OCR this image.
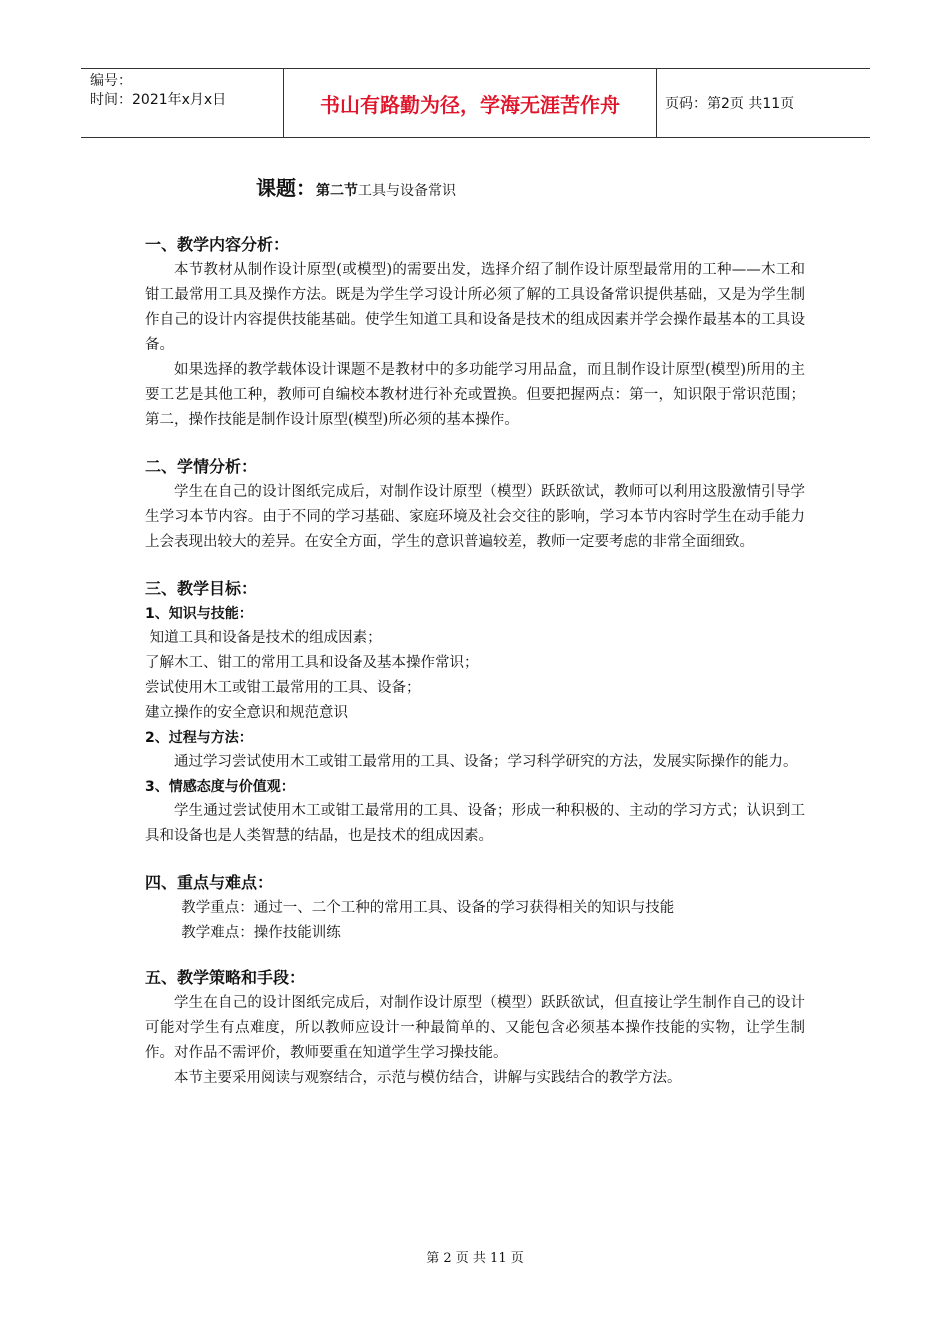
编号：
时间：2021年x月x日	书山有路勤为径，学海无涯苦作舟	页码：第2页 共11页
课题：第二节工具与设备常识
一、教学内容分析：

本节教材从制作设计原型(或模型)的需要出发，选择介绍了制作设计原型最常用的工种——木工和钳工最常用工具及操作方法。既是为学生学习设计所必须了解的工具设备常识提供基础，又是为学生制作自己的设计内容提供技能基础。使学生知道工具和设备是技术的组成因素并学会操作最基本的工具设备。

如果选择的教学载体设计课题不是教材中的多功能学习用品盒，而且制作设计原型(模型)所用的主要工艺是其他工种，教师可自编校本教材进行补充或置换。但要把握两点：第一，知识限于常识范围；第二，操作技能是制作设计原型(模型)所必须的基本操作。

二、学情分析：

学生在自己的设计图纸完成后，对制作设计原型（模型）跃跃欲试，教师可以利用这股激情引导学生学习本节内容。由于不同的学习基础、家庭环境及社会交往的影响，学习本节内容时学生在动手能力上会表现出较大的差异。在安全方面，学生的意识普遍较差，教师一定要考虑的非常全面细致。

三、教学目标：
1、知识与技能：

知道工具和设备是技术的组成因素；

了解木工、钳工的常用工具和设备及基本操作常识；

尝试使用木工或钳工最常用的工具、设备；

建立操作的安全意识和规范意识

2、过程与方法：

通过学习尝试使用木工或钳工最常用的工具、设备；学习科学研究的方法，发展实际操作的能力。

3、情感态度与价值观：

学生通过尝试使用木工或钳工最常用的工具、设备；形成一种积极的、主动的学习方式；认识到工具和设备也是人类智慧的结晶，也是技术的组成因素。

四、重点与难点：

教学重点：通过一、二个工种的常用工具、设备的学习获得相关的知识与技能

教学难点：操作技能训练

五、教学策略和手段：

学生在自己的设计图纸完成后，对制作设计原型（模型）跃跃欲试，但直接让学生制作自己的设计可能对学生有点难度，所以教师应设计一种最简单的、又能包含必须基本操作技能的实物，让学生制作。对作品不需评价，教师要重在知道学生学习操技能。

本节主要采用阅读与观察结合，示范与模仿结合，讲解与实践结合的教学方法。

第 2 页 共 11 页
